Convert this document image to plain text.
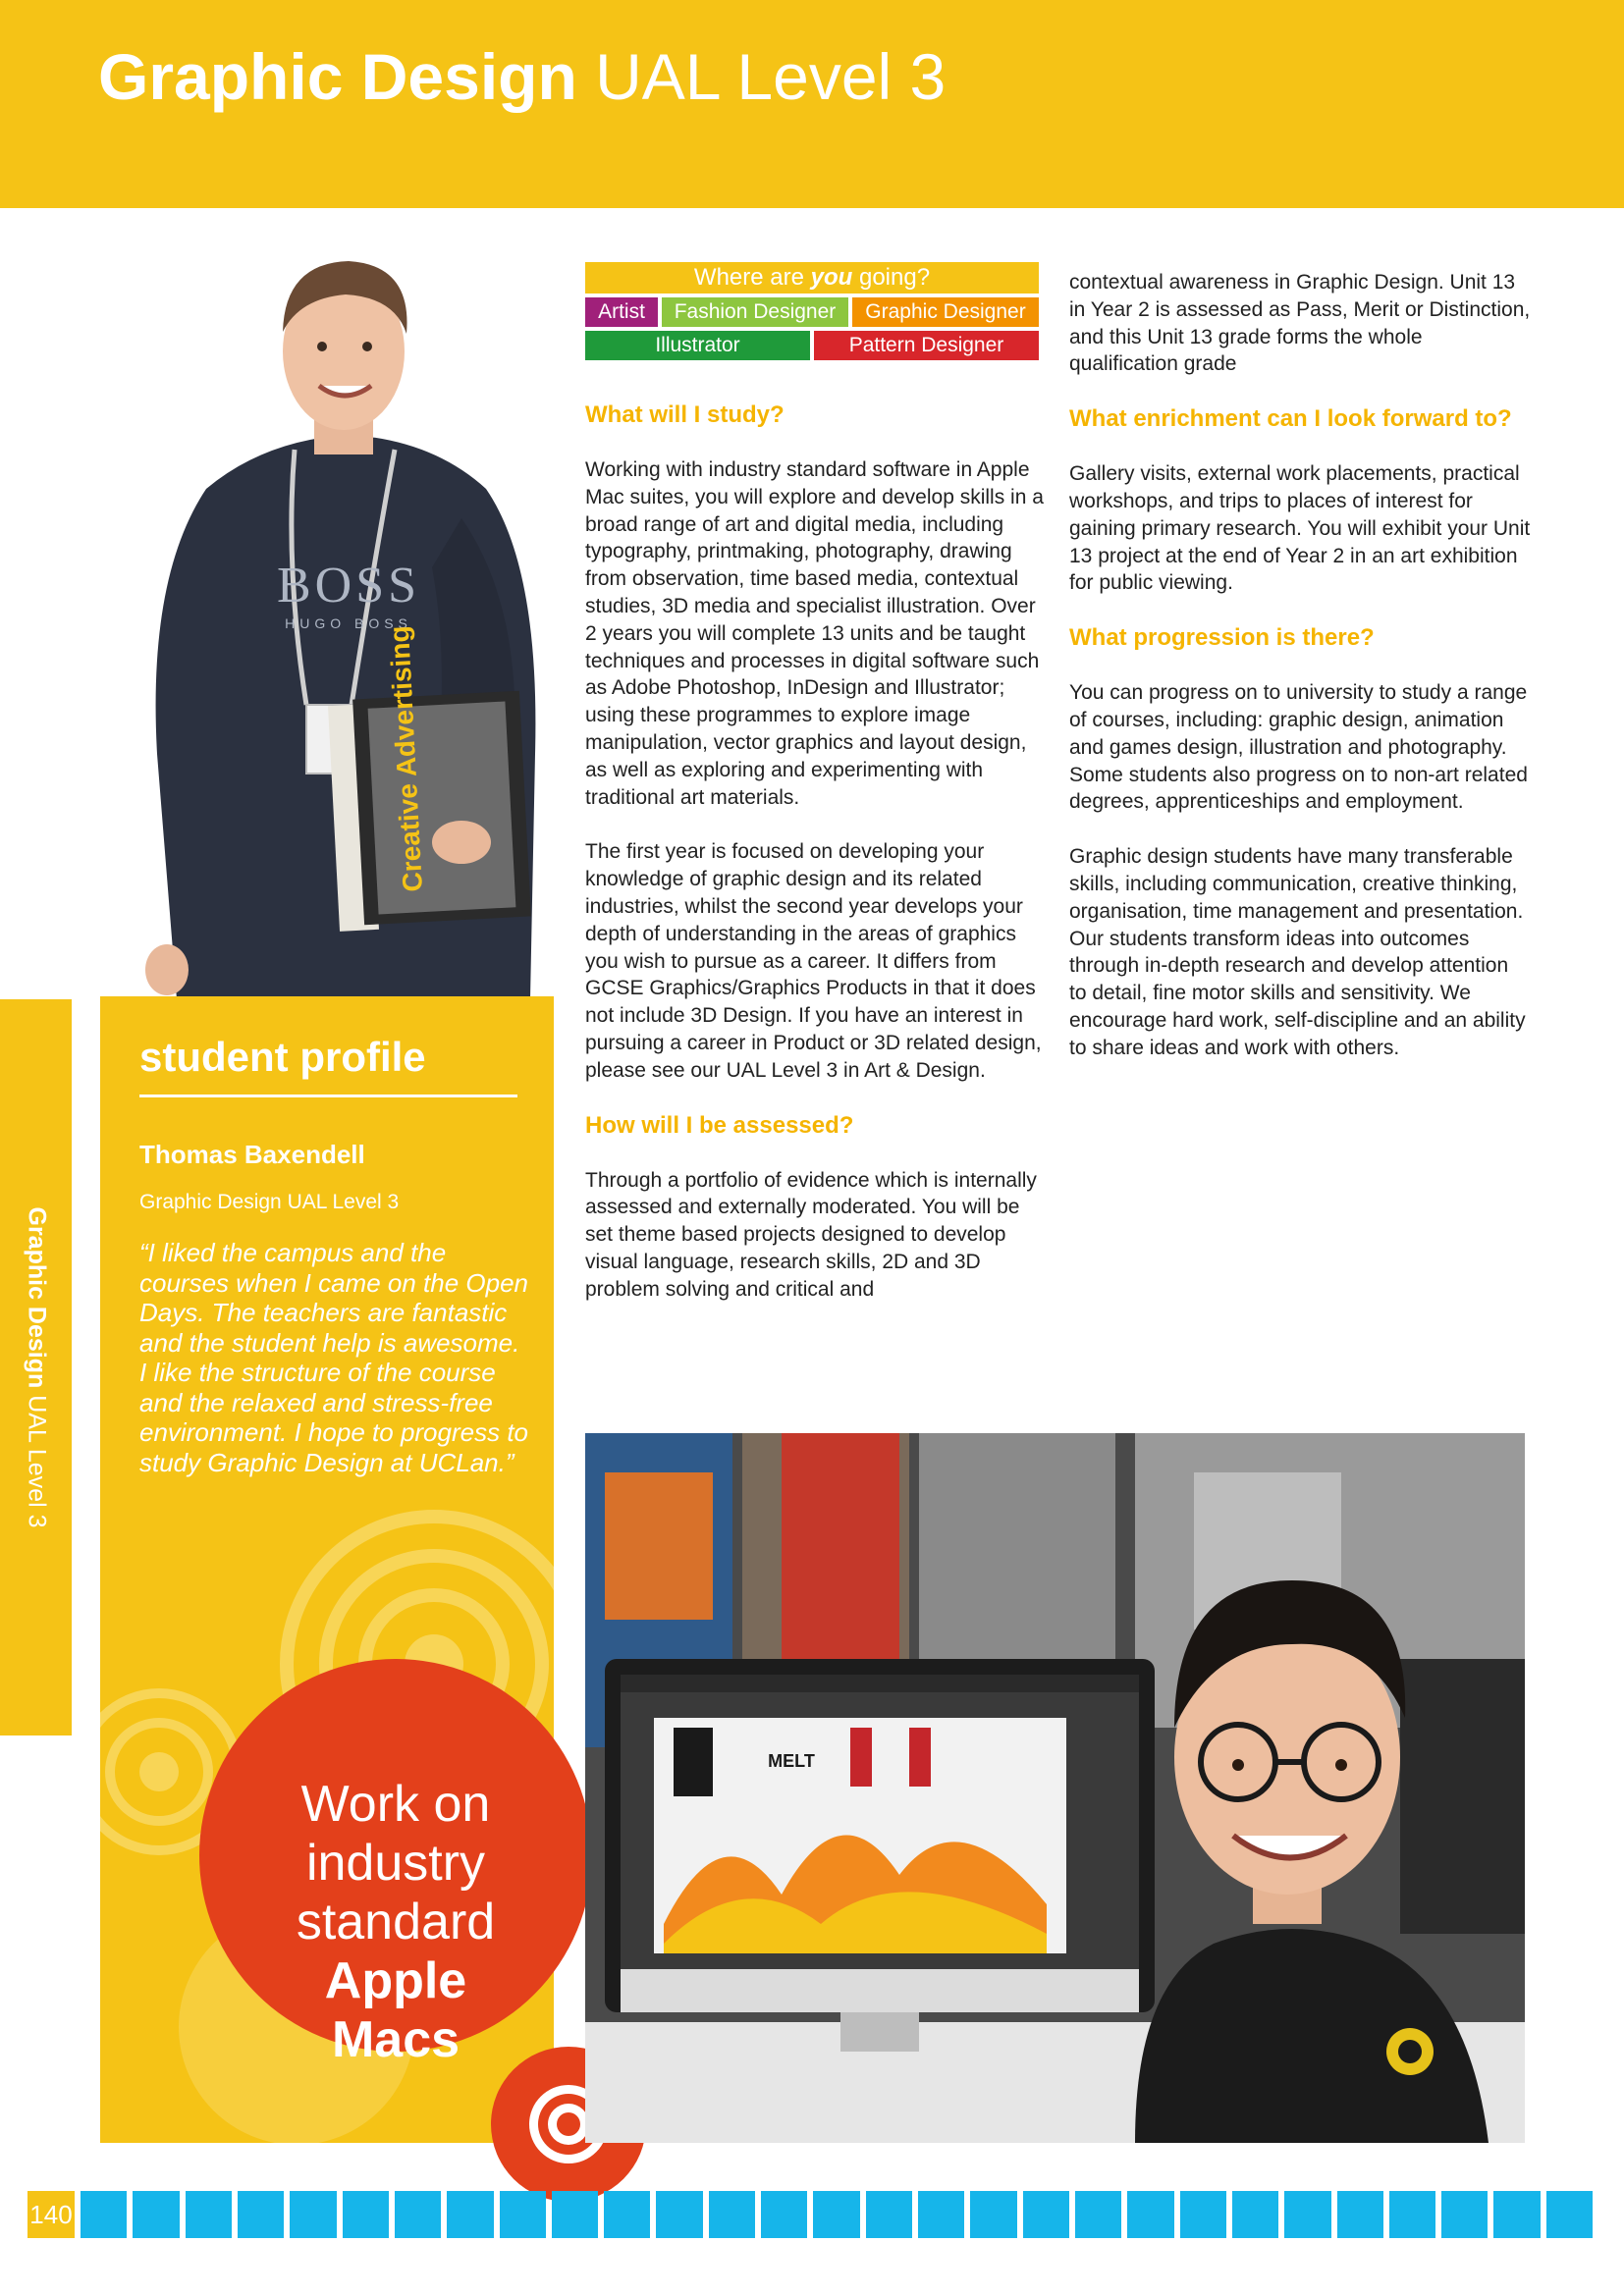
Graphic Design UAL Level 3
BOSS
HUGO BOSS
Creative Advertising
Graphic Design UAL Level 3
student profile
Thomas Baxendell
Graphic Design UAL Level 3
“I liked the campus and the courses when I came on the Open Days. The teachers are fantastic and the student help is awesome. I like the structure of the course and the relaxed and stress-free environment. I hope to progress to study Graphic Design at UCLan.”
Work on
industry
standard
Apple
Macs
Where are you going?
Artist	Fashion Designer	Graphic Designer
Illustrator	Pattern Designer
What will I study?

Working with industry standard software in Apple Mac suites, you will explore and develop skills in a broad range of art and digital media, including typography, printmaking, photography, drawing from observation, time based media, contextual studies, 3D media and specialist illustration. Over 2 years you will complete 13 units and be taught techniques and processes in digital software such as Adobe Photoshop, InDesign and Illustrator; using these programmes to explore image manipulation, vector graphics and layout design, as well as exploring and experimenting with traditional art materials.

The first year is focused on developing your knowledge of graphic design and its related industries, whilst the second year develops your depth of understanding in the areas of graphics you wish to pursue as a career. It differs from GCSE Graphics/Graphics Products in that it does not include 3D Design. If you have an interest in pursuing a career in Product or 3D related design, please see our UAL Level 3 in Art & Design.

How will I be assessed?

Through a portfolio of evidence which is internally assessed and externally moderated. You will be set theme based projects designed to develop visual language, research skills, 2D and 3D problem solving and critical and

contextual awareness in Graphic Design. Unit 13 in Year 2 is assessed as Pass, Merit or Distinction, and this Unit 13 grade forms the whole qualification grade

What enrichment can I look forward to?

Gallery visits, external work placements, practical workshops, and trips to places of interest for gaining primary research. You will exhibit your Unit 13 project at the end of Year 2 in an art exhibition for public viewing.

What progression is there?

You can progress on to university to study a range of courses, including: graphic design, animation and games design, illustration and photography. Some students also progress on to non-art related degrees, apprenticeships and employment.

Graphic design students have many transferable skills, including communication, creative thinking, organisation, time management and presentation. Our students transform ideas into outcomes through in-depth research and develop attention to detail, fine motor skills and sensitivity. We encourage hard work, self-discipline and an ability to share ideas and work with others.

MELT
140
